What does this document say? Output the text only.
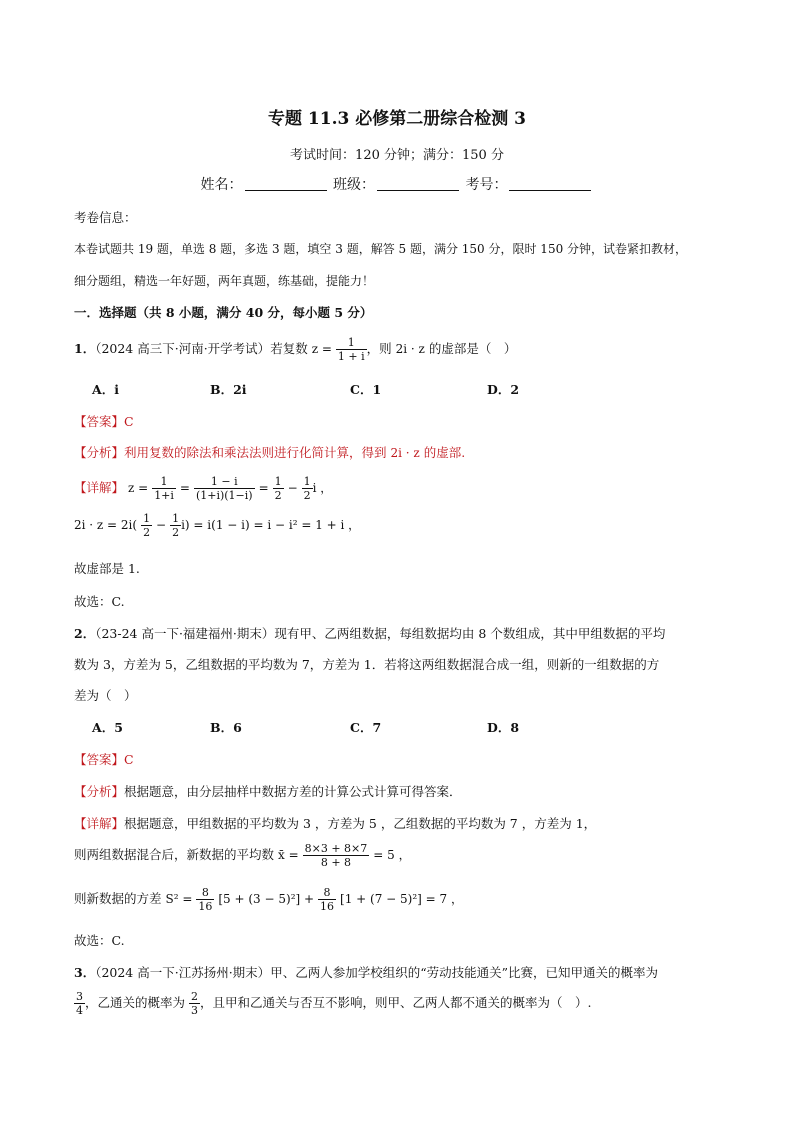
专题 11.3 必修第二册综合检测 3
考试时间：120 分钟；满分：150 分
姓名：	班级：	考号：
考卷信息：
本卷试题共 19 题，单选 8 题，多选 3 题，填空 3 题，解答 5 题，满分 150 分，限时 150 分钟，试卷紧扣教材，
细分题组，精选一年好题，两年真题，练基础，提能力！
一．选择题（共 8 小题，满分 40 分，每小题 5 分）
1．（2024 高三下·河南·开学考试）若复数 $z = \frac{1}{1 + i}$ ，则 2i · z 的虚部是（　）
A．i	B．2i	C．1	D．2
【答案】C
【分析】利用复数的除法和乘法法则进行化简计算，得到 2i · z 的虚部.
【详解】 $z = \frac{1}{1+i} = \frac{1 - i}{(1+i)(1-i)} = \frac{1}{2} - \frac{1}{2}$ i ，
$2i \cdot z = 2i( \frac{1}{2} - \frac{1}{2} i) = i(1 - i) = i - i^2 = 1 + i$ ，
故虚部是 1.
故选：C.
2．（23-24 高一下·福建福州·期末）现有甲、乙两组数据，每组数据均由 8 个数组成，其中甲组数据的平均
数为 3，方差为 5，乙组数据的平均数为 7，方差为 1．若将这两组数据混合成一组，则新的一组数据的方
差为（　）
A．5	B．6	C．7	D．8
【答案】C
【分析】根据题意，由分层抽样中数据方差的计算公式计算可得答案．
【详解】根据题意，甲组数据的平均数为 3 ，方差为 5 ，乙组数据的平均数为 7 ，方差为 1，
则两组数据混合后，新数据的平均数 x̄ = $\frac{8\times 3 + 8\times 7}{8 + 8} = 5$ ，
则新数据的方差 $S^2 = \frac{8}{16} [5 + (3 - 5)^2] + \frac{8}{16} [1 + (7 - 5)^2] = 7$ ，
故选：C.
3．（2024 高一下·江苏扬州·期末）甲、乙两人参加学校组织的“劳动技能通关”比赛，已知甲通关的概率为
$\frac{3}{4}$ ，乙通关的概率为 $\frac{2}{3}$ ，且甲和乙通关与否互不影响，则甲、乙两人都不通关的概率为（　）.
